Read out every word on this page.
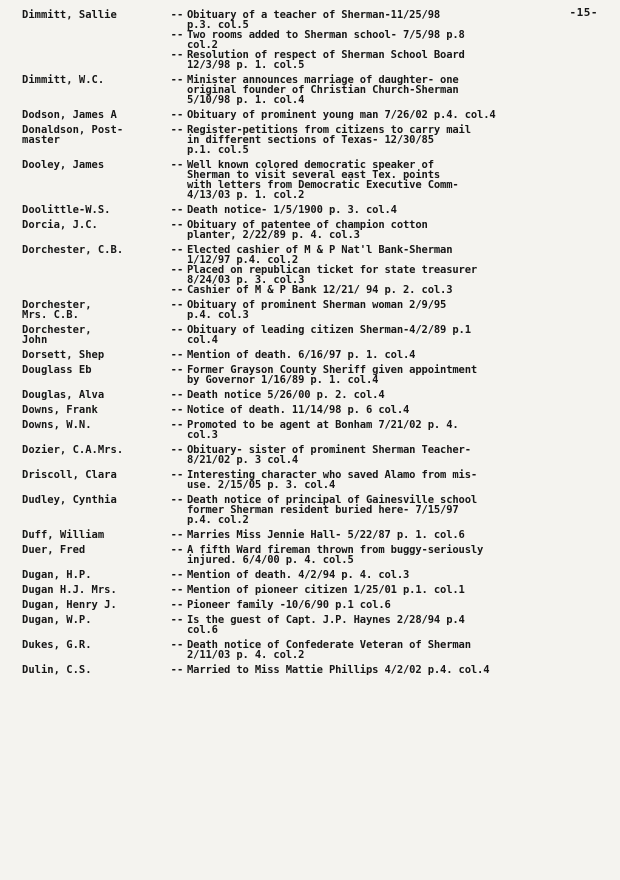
-15-
Dimmitt, Sallie	-- Obituary of a teacher of Sherman-11/25/98
p.3. col.5
-- Two rooms added to Sherman school- 7/5/98 p.8
col.2
-- Resolution of respect of Sherman School Board
12/3/98 p. 1. col.5
Dimmitt, W.C.	-- Minister announces marriage of daughter- one
original founder of Christian Church-Sherman
5/10/98 p. 1. col.4
Dodson, James A	-- Obituary of prominent young man 7/26/02 p.4. col.4
Donaldson, Post-
master
-- Register-petitions from citizens to carry mail
in different sections of Texas- 12/30/85
p.1. col.5
Dooley, James	-- Well known colored democratic speaker of
Sherman to visit several east Tex. points
with letters from Democratic Executive Comm-
4/13/03 p. 1. col.2
Doolittle-W.S.	-- Death notice- 1/5/1900 p. 3. col.4
Dorcia, J.C.	-- Obituary of patentee of champion cotton
planter, 2/22/89 p. 4. col.3
Dorchester, C.B.	-- Elected cashier of M & P Nat'l Bank-Sherman
1/12/97 p.4. col.2
-- Placed on republican ticket for state treasurer
8/24/03 p. 3. col.3
-- Cashier of M & P Bank 12/21/ 94 p. 2. col.3
Dorchester,
Mrs. C.B.
-- Obituary of prominent Sherman woman 2/9/95
p.4. col.3
Dorchester,
John
-- Obituary of leading citizen Sherman-4/2/89 p.1
col.4
Dorsett, Shep	-- Mention of death. 6/16/97 p. 1. col.4
Douglass Eb	-- Former Grayson County Sheriff given appointment
by Governor 1/16/89 p. 1. col.4
Douglas, Alva	-- Death notice 5/26/00 p. 2. col.4
Downs, Frank	-- Notice of death. 11/14/98 p. 6 col.4
Downs, W.N.	-- Promoted to be agent at Bonham 7/21/02 p. 4.
col.3
Dozier, C.A.Mrs.	-- Obituary- sister of prominent Sherman Teacher-
8/21/02 p. 3 col.4
Driscoll, Clara	-- Interesting character who saved Alamo from mis-
use. 2/15/05 p. 3. col.4
Dudley, Cynthia	-- Death notice of principal of Gainesville school
former Sherman resident buried here- 7/15/97
p.4. col.2
Duff, William	-- Marries Miss Jennie Hall- 5/22/87 p. 1. col.6
Duer, Fred	-- A fifth Ward fireman thrown from buggy-seriously
injured. 6/4/00 p. 4. col.5
Dugan, H.P.	-- Mention of death. 4/2/94 p. 4. col.3
Dugan H.J. Mrs.	-- Mention of pioneer citizen 1/25/01 p.1. col.1
Dugan, Henry J.	-- Pioneer family -10/6/90 p.1 col.6
Dugan, W.P.	-- Is the guest of Capt. J.P. Haynes 2/28/94 p.4
col.6
Dukes, G.R.	-- Death notice of Confederate Veteran of Sherman
2/11/03 p. 4. col.2
Dulin, C.S.	-- Married to Miss Mattie Phillips 4/2/02 p.4. col.4
